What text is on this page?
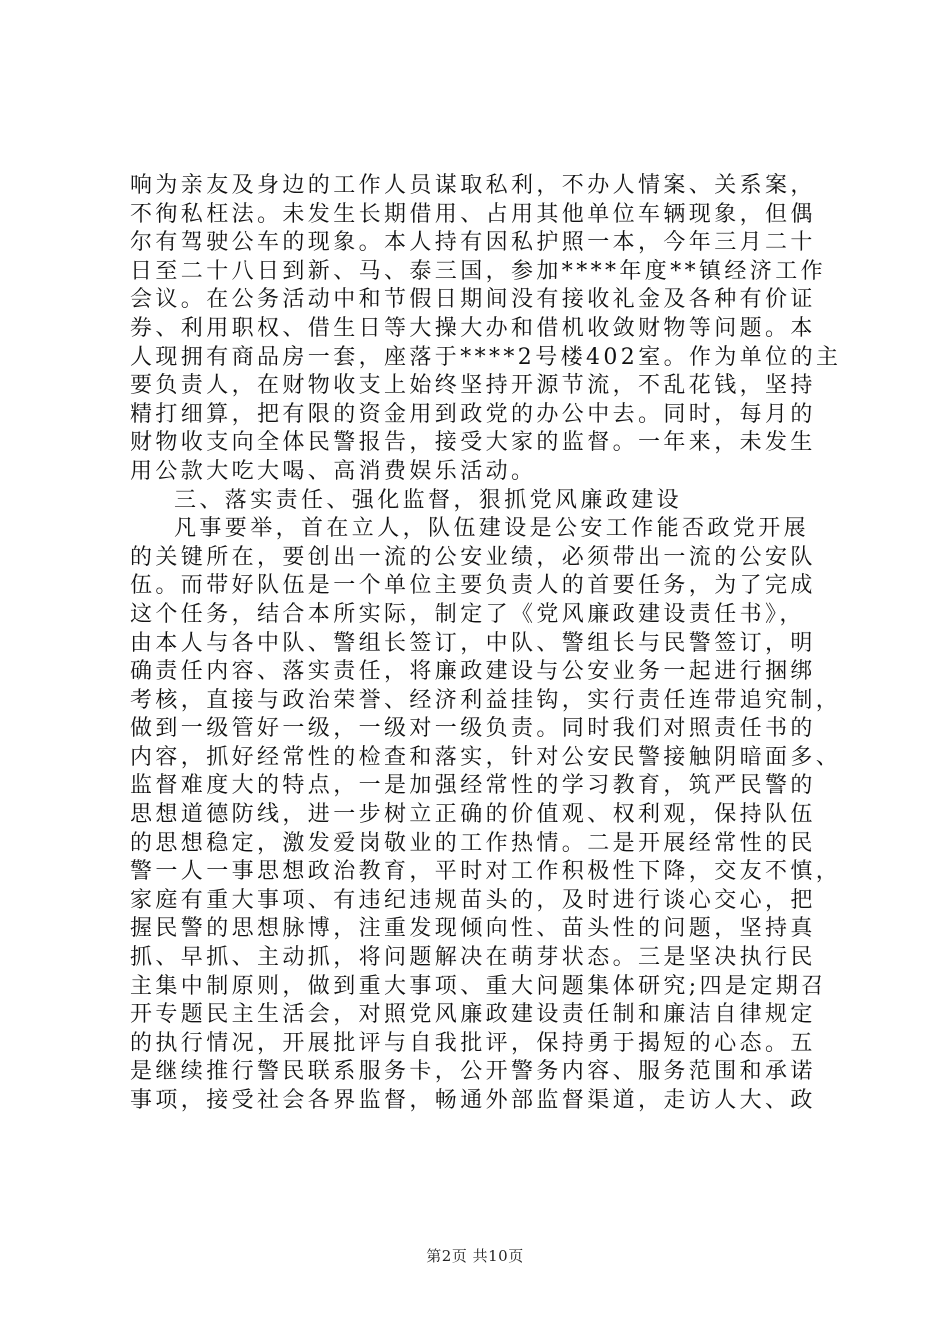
响为亲友及身边的工作人员谋取私利，不办人情案、关系案，
不徇私枉法。未发生长期借用、占用其他单位车辆现象，但偶
尔有驾驶公车的现象。本人持有因私护照一本，今年三月二十
日至二十八日到新、马、泰三国，参加****年度**镇经济工作
会议。在公务活动中和节假日期间没有接收礼金及各种有价证
券、利用职权、借生日等大操大办和借机收敛财物等问题。本
人现拥有商品房一套，座落于****2号楼402室。作为单位的主
要负责人，在财物收支上始终坚持开源节流，不乱花钱，坚持
精打细算，把有限的资金用到政党的办公中去。同时，每月的
财物收支向全体民警报告，接受大家的监督。一年来，未发生
用公款大吃大喝、高消费娱乐活动。
三、落实责任、强化监督，狠抓党风廉政建设
凡事要举，首在立人，队伍建设是公安工作能否政党开展
的关键所在，要创出一流的公安业绩，必须带出一流的公安队
伍。而带好队伍是一个单位主要负责人的首要任务，为了完成
这个任务，结合本所实际，制定了《党风廉政建设责任书》，
由本人与各中队、警组长签订，中队、警组长与民警签订，明
确责任内容、落实责任，将廉政建设与公安业务一起进行捆绑
考核，直接与政治荣誉、经济利益挂钩，实行责任连带追究制，
做到一级管好一级，一级对一级负责。同时我们对照责任书的
内容，抓好经常性的检查和落实，针对公安民警接触阴暗面多、
监督难度大的特点，一是加强经常性的学习教育，筑严民警的
思想道德防线，进一步树立正确的价值观、权利观，保持队伍
的思想稳定，激发爱岗敬业的工作热情。二是开展经常性的民
警一人一事思想政治教育，平时对工作积极性下降，交友不慎，
家庭有重大事项、有违纪违规苗头的，及时进行谈心交心，把
握民警的思想脉博，注重发现倾向性、苗头性的问题，坚持真
抓、早抓、主动抓，将问题解决在萌芽状态。三是坚决执行民
主集中制原则，做到重大事项、重大问题集体研究;四是定期召
开专题民主生活会，对照党风廉政建设责任制和廉洁自律规定
的执行情况，开展批评与自我批评，保持勇于揭短的心态。五
是继续推行警民联系服务卡，公开警务内容、服务范围和承诺
事项，接受社会各界监督，畅通外部监督渠道，走访人大、政
第2页 共10页
